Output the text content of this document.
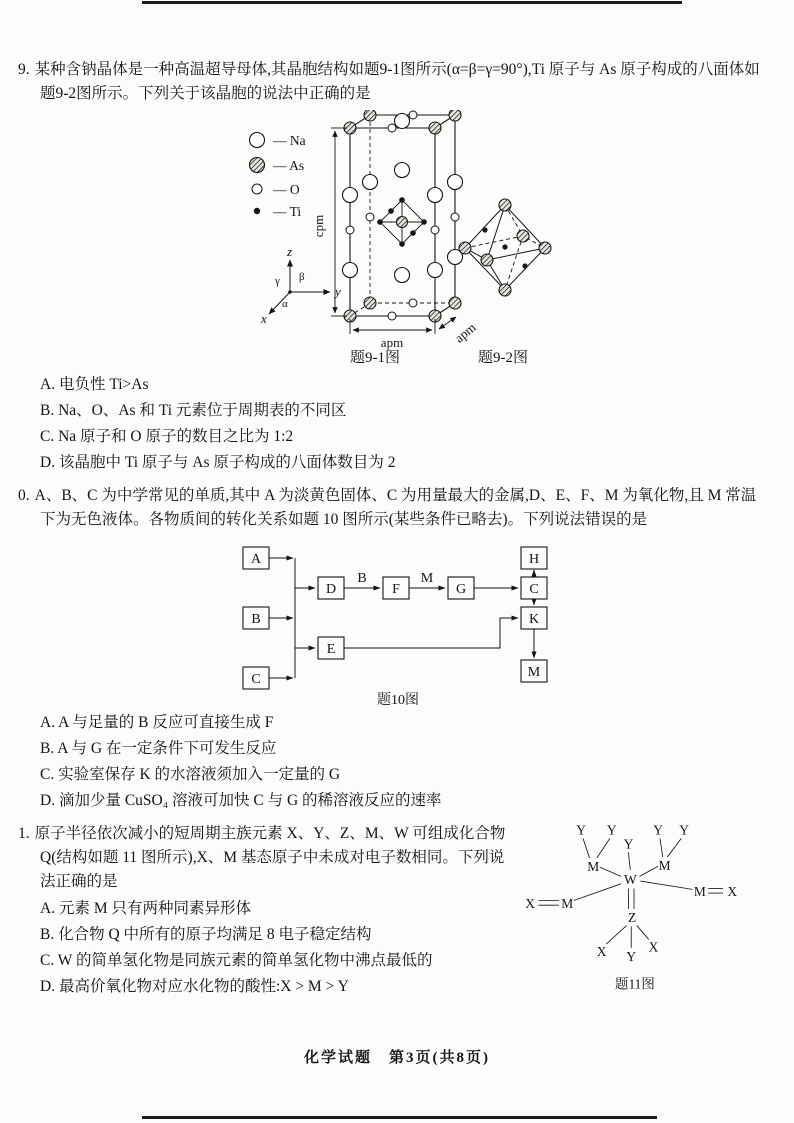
9. 某种含钠晶体是一种高温超导母体,其晶胞结构如题9-1图所示(α=β=γ=90°),Ti 原子与 As 原子构成的八面体如题9-2图所示。下列关于该晶胞的说法中正确的是

— Na
— As
— O
— Ti
z
y
x
γ β
α
cpm
apm	apm
题9-1图	题9-2图
A. 电负性 Ti>As
B. Na、O、As 和 Ti 元素位于周期表的不同区
C. Na 原子和 O 原子的数目之比为 1:2
D. 该晶胞中 Ti 原子与 As 原子构成的八面体数目为 2

0. A、B、C 为中学常见的单质,其中 A 为淡黄色固体、C 为用量最大的金属,D、E、F、M 为氧化物,且 M 常温下为无色液体。各物质间的转化关系如题 10 图所示(某些条件已略去)。下列说法错误的是

A
B
C
D
E
F	G
H
C
K
M
B	M
题10图
A. A 与足量的 B 反应可直接生成 F
B. A 与 G 在一定条件下可发生反应
C. 实验室保存 K 的水溶液须加入一定量的 G
D. 滴加少量 CuSO₄ 溶液可加快 C 与 G 的稀溶液反应的速率
Y Y
Y
Y Y
M	M
W
X M
M X
Z
X	X
Y
题11图

1. 原子半径依次减小的短周期主族元素 X、Y、Z、M、W 可组成化合物 Q(结构如题 11 图所示),X、M 基态原子中未成对电子数相同。下列说法正确的是

A. 元素 M 只有两种同素异形体
B. 化合物 Q 中所有的原子均满足 8 电子稳定结构
C. W 的简单氢化物是同族元素的简单氢化物中沸点最低的
D. 最高价氧化物对应水化物的酸性:X > M > Y
化学试题　第3页(共8页)
